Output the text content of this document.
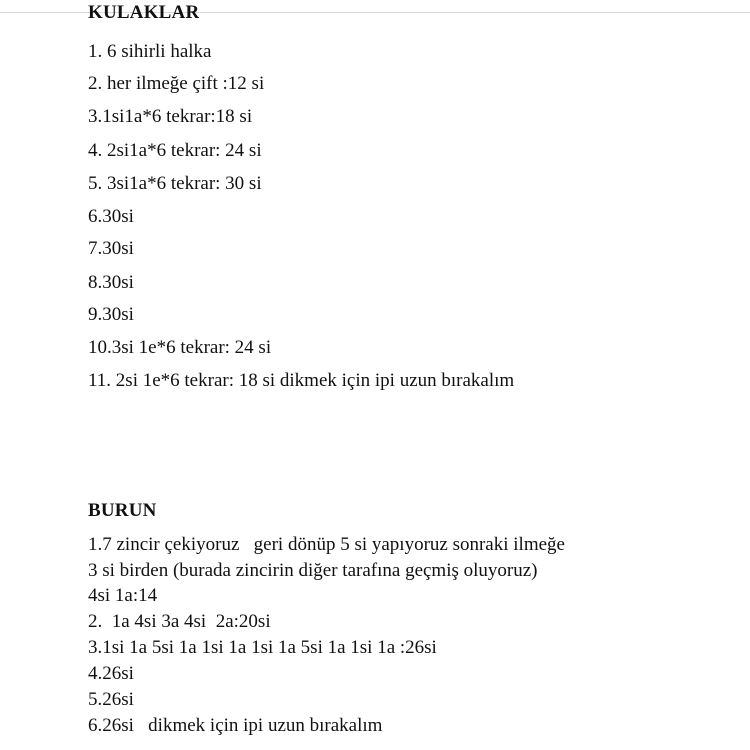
KULAKLAR
1. 6 sihirli halka
2. her ilmeğe çift :12 si
3.1si1a*6 tekrar:18 si
4. 2si1a*6 tekrar: 24 si
5. 3si1a*6 tekrar: 30 si
6.30si
7.30si
8.30si
9.30si
10.3si 1e*6 tekrar: 24 si
11. 2si 1e*6 tekrar: 18 si dikmek için ipi uzun bırakalım
BURUN
1.7 zincir çekiyoruz   geri dönüp 5 si yapıyoruz sonraki ilmeğe
3 si birden (burada zincirin diğer tarafına geçmiş oluyoruz)
4si 1a:14
2.  1a 4si 3a 4si  2a:20si
3.1si 1a 5si 1a 1si 1a 1si 1a 5si 1a 1si 1a :26si
4.26si
5.26si
6.26si   dikmek için ipi uzun bırakalım
